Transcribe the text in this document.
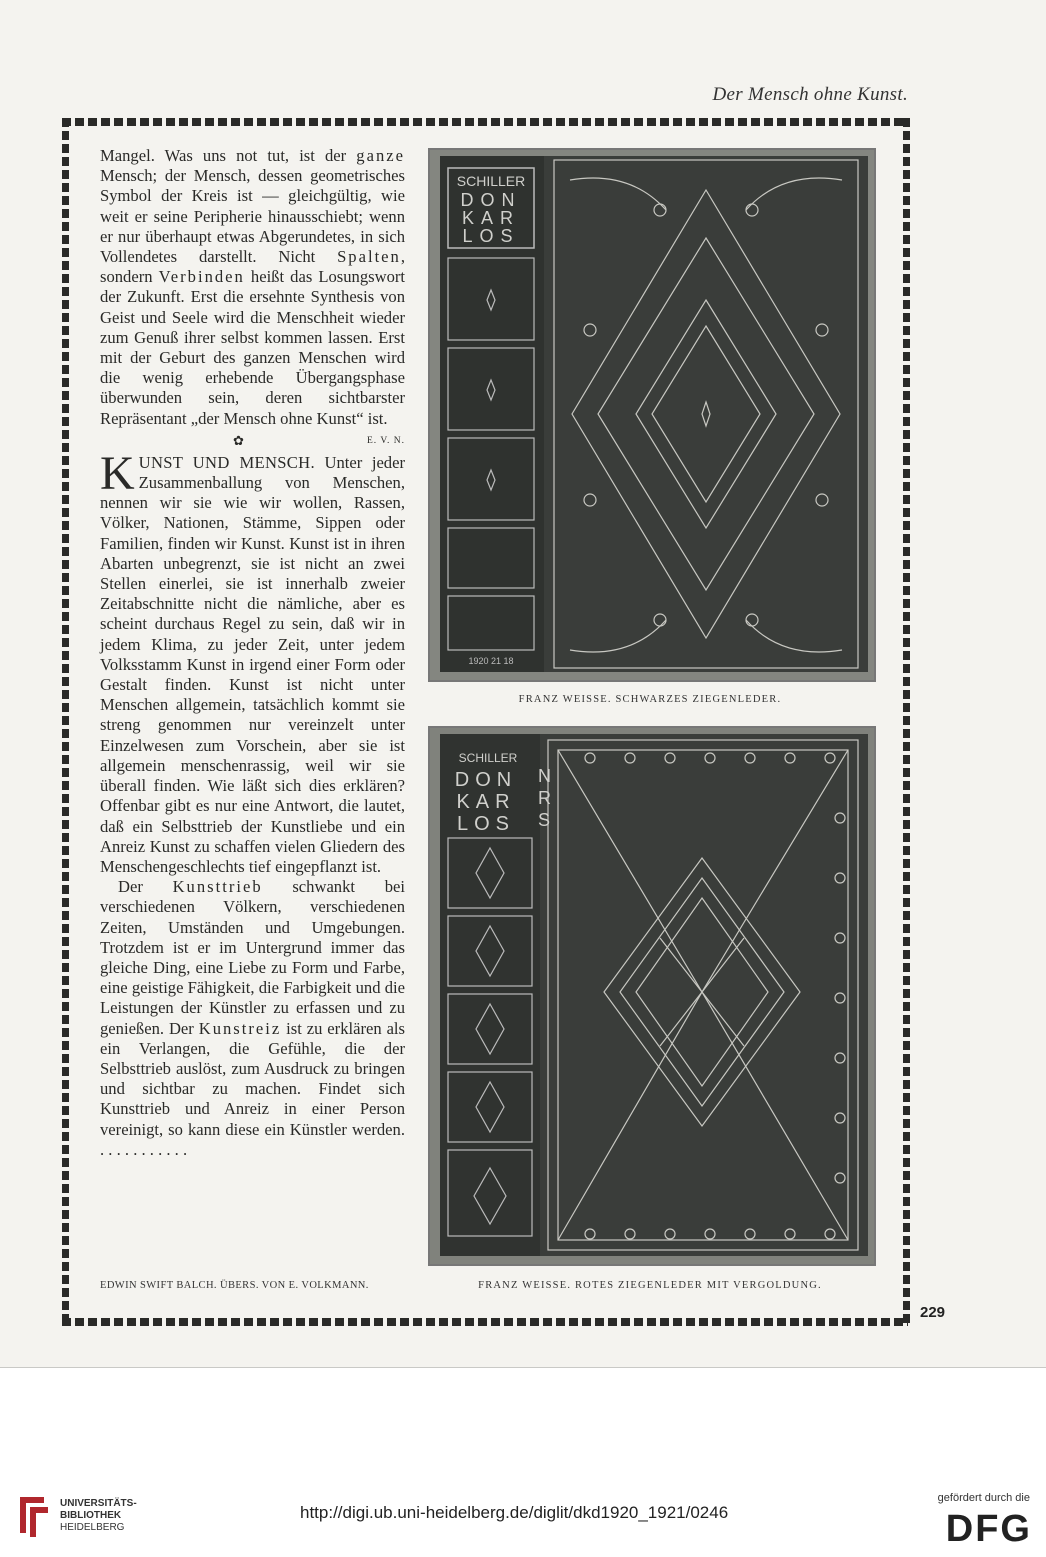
Der Mensch ohne Kunst.
229

Mangel. Was uns not tut, ist der ganze Mensch; der Mensch, dessen geometrisches Symbol der Kreis ist — gleichgültig, wie weit er seine Peripherie hinausschiebt; wenn er nur überhaupt etwas Abgerundetes, in sich Vollendetes darstellt. Nicht Spalten, sondern Verbinden heißt das Losungswort der Zukunft. Erst die ersehnte Synthesis von Geist und Seele wird die Menschheit wieder zum Genuß ihrer selbst kommen lassen. Erst mit der Geburt des ganzen Menschen wird die wenig erhebende Übergangsphase überwunden sein, deren sichtbarster Repräsentant „der Mensch ohne Kunst“ ist.

✿	E. V. N.

KUNST UND MENSCH. Unter jeder Zusammenballung von Menschen, nennen wir sie wie wir wollen, Rassen, Völker, Nationen, Stämme, Sippen oder Familien, finden wir Kunst. Kunst ist in ihren Abarten unbegrenzt, sie ist nicht an zwei Stellen einerlei, sie ist innerhalb zweier Zeitabschnitte nicht die nämliche, aber es scheint durchaus Regel zu sein, daß wir in jedem Klima, zu jeder Zeit, unter jedem Volksstamm Kunst in irgend einer Form oder Gestalt finden. Kunst ist nicht unter Menschen allgemein, tatsächlich kommt sie streng genommen nur vereinzelt unter Einzelwesen zum Vorschein, aber sie ist allgemein menschenrassig, weil wir sie überall finden. Wie läßt sich dies erklären? Offenbar gibt es nur eine Antwort, die lautet, daß ein Selbsttrieb der Kunstliebe und ein Anreiz Kunst zu schaffen vielen Gliedern des Menschengeschlechts tief eingepflanzt ist.

Der Kunsttrieb schwankt bei verschiedenen Völkern, verschiedenen Zeiten, Umständen und Umgebungen. Trotzdem ist er im Untergrund immer das gleiche Ding, eine Liebe zu Form und Farbe, eine geistige Fähigkeit, die Farbigkeit und die Leistungen der Künstler zu erfassen und zu genießen. Der Kunstreiz ist zu erklären als ein Verlangen, die Gefühle, die der Selbsttrieb auslöst, zum Ausdruck zu bringen und sichtbar zu machen. Findet sich Kunsttrieb und Anreiz in einer Person vereinigt, so kann diese ein Künstler werden. . . . . . . . . . . .

EDWIN SWIFT BALCH. ÜBERS. VON E. VOLKMANN.
SCHILLER
DON
KAR
LOS
1920 21 18
FRANZ WEISSE. SCHWARZES ZIEGENLEDER.
SCHILLER
DON
KAR
LOS
N
R
S
FRANZ WEISSE. ROTES ZIEGENLEDER MIT VERGOLDUNG.
UNIVERSITÄTS-
BIBLIOTHEK
HEIDELBERG
http://digi.ub.uni-heidelberg.de/diglit/dkd1920_1921/0246
gefördert durch die
DFG
